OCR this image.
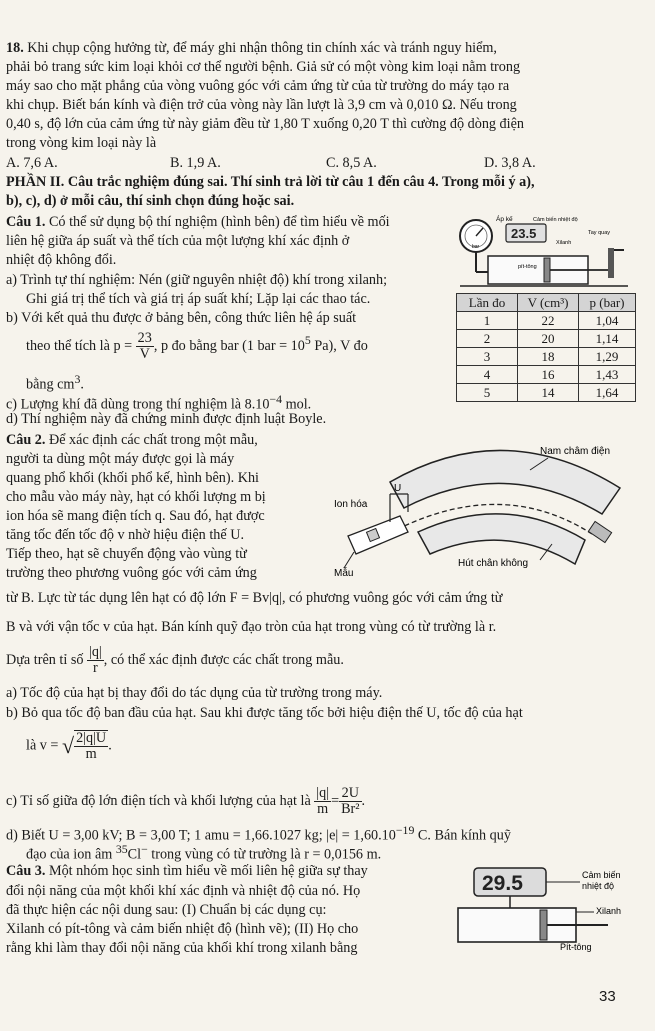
18. Khi chụp cộng hưởng từ, để máy ghi nhận thông tin chính xác và tránh nguy hiểm,
phải bỏ trang sức kim loại khỏi cơ thể người bệnh. Giả sử có một vòng kim loại nằm trong
máy sao cho mặt phẳng của vòng vuông góc với cảm ứng từ của từ trường do máy tạo ra
khi chụp. Biết bán kính và điện trở của vòng này lần lượt là 3,9 cm và 0,010 Ω. Nếu trong
0,40 s, độ lớn của cảm ứng từ này giảm đều từ 1,80 T xuống 0,20 T thì cường độ dòng điện
trong vòng kim loại này là
A. 7,6 A.	B. 1,9 A.	C. 8,5 A.	D. 3,8 A.
PHẦN II. Câu trắc nghiệm đúng sai. Thí sinh trả lời từ câu 1 đến câu 4. Trong mỗi ý a),
b), c), d) ở mỗi câu, thí sinh chọn đúng hoặc sai.
Câu 1. Có thể sử dụng bộ thí nghiệm (hình bên) để tìm hiểu về mối
liên hệ giữa áp suất và thể tích của một lượng khí xác định ở
nhiệt độ không đổi.
a) Trình tự thí nghiệm: Nén (giữ nguyên nhiệt độ) khí trong xilanh;
Ghi giá trị thể tích và giá trị áp suất khí; Lặp lại các thao tác.
b) Với kết quả thu được ở bảng bên, công thức liên hệ áp suất
theo thể tích là $p = \frac{23}{V}$ , p đo bằng bar (1 bar = $10^5$ Pa), V đo
bằng $cm^3$.
c) Lượng khí đã dùng trong thí nghiệm là $8.10^{-4}$ mol.
d) Thí nghiệm này đã chứng minh được định luật Boyle.
bar
Áp kế
23.5
Cảm biến nhiệt độ
Tay quay
Xilanh
pít-tông
Lần đo	V (cm³)	p (bar)
1	22	1,04
2	20	1,14
3	18	1,29
4	16	1,43
5	14	1,64
Câu 2. Để xác định các chất trong một mẫu,
người ta dùng một máy được gọi là máy
quang phổ khối (khối phổ kế, hình bên). Khi
cho mẫu vào máy này, hạt có khối lượng m bị
ion hóa sẽ mang điện tích q. Sau đó, hạt được
tăng tốc đến tốc độ v nhờ hiệu điện thế U.
Tiếp theo, hạt sẽ chuyển động vào vùng từ
trường theo phương vuông góc với cảm ứng
từ B. Lực từ tác dụng lên hạt có độ lớn F = Bv|q|, có phương vuông góc với cảm ứng từ
B và với vận tốc v của hạt. Bán kính quỹ đạo tròn của hạt trong vùng có từ trường là r.
Dựa trên tỉ số $\frac{|q|}{r}$ , có thể xác định được các chất trong mẫu.
a) Tốc độ của hạt bị thay đổi do tác dụng của từ trường trong máy.
b) Bỏ qua tốc độ ban đầu của hạt. Sau khi được tăng tốc bởi hiệu điện thế U, tốc độ của hạt
là v = √ $\frac{2|q|U}{m}$ .
c) Tỉ số giữa độ lớn điện tích và khối lượng của hạt là $\frac{|q|}{m} = \frac{2U}{\text{Br²}}$ .
d) Biết U = 3,00 kV; B = 3,00 T; 1 amu = 1,66.1027 kg; $|e| = 1,60.10^{-19}$ C. Bán kính quỹ
đạo của ion âm $^{35}$Cl− trong vùng có từ trường là r = 0,0156 m.
U
Ion hóa
Mẫu
Nam châm điện
Hút chân không
Câu 3. Một nhóm học sinh tìm hiểu về mối liên hệ giữa sự thay
đổi nội năng của một khối khí xác định và nhiệt độ của nó. Họ
đã thực hiện các nội dung sau: (I) Chuẩn bị các dụng cụ:
Xilanh có pít-tông và cảm biến nhiệt độ (hình vẽ); (II) Họ cho
rằng khi làm thay đổi nội năng của khối khí trong xilanh bằng
29.5	Cảm biến
nhiệt độ
Xilanh
Pít-tông
33
